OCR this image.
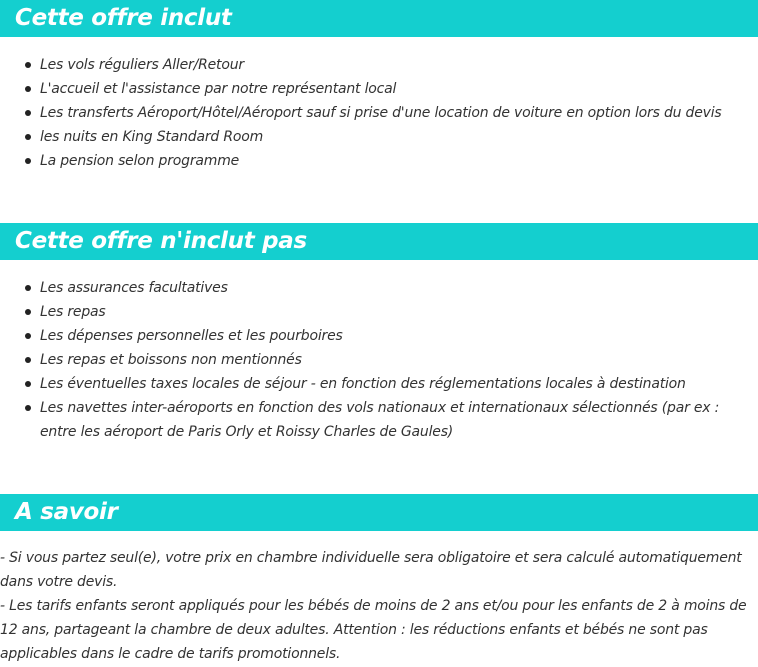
Cette offre inclut
Les vols réguliers Aller/Retour
L'accueil et l'assistance par notre représentant local
Les transferts Aéroport/Hôtel/Aéroport sauf si prise d'une location de voiture en option lors du devis
les nuits en King Standard Room
La pension selon programme
Cette offre n'inclut pas
Les assurances facultatives
Les repas
Les dépenses personnelles et les pourboires
Les repas et boissons non mentionnés
Les éventuelles taxes locales de séjour - en fonction des réglementations locales à destination
Les navettes inter-aéroports en fonction des vols nationaux et internationaux sélectionnés (par ex : entre les aéroport de Paris Orly et Roissy Charles de Gaules)
A savoir

- Si vous partez seul(e), votre prix en chambre individuelle sera obligatoire et sera calculé automatiquement dans votre devis.

- Les tarifs enfants seront appliqués pour les bébés de moins de 2 ans et/ou pour les enfants de 2 à moins de 12 ans, partageant la chambre de deux adultes. Attention : les réductions enfants et bébés ne sont pas applicables dans le cadre de tarifs promotionnels.
